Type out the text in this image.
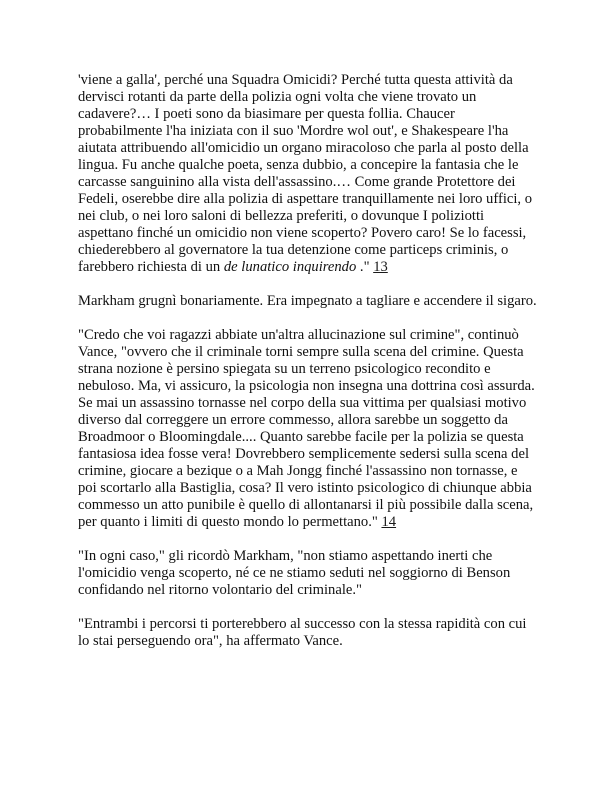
'viene a galla', perché una Squadra Omicidi? Perché tutta questa attività da dervisci rotanti da parte della polizia ogni volta che viene trovato un cadavere?… I poeti sono da biasimare per questa follia. Chaucer probabilmente l'ha iniziata con il suo 'Mordre wol out', e Shakespeare l'ha aiutata attribuendo all'omicidio un organo miracoloso che parla al posto della lingua. Fu anche qualche poeta, senza dubbio, a concepire la fantasia che le carcasse sanguinino alla vista dell'assassino.… Come grande Protettore dei Fedeli, oserebbe dire alla polizia di aspettare tranquillamente nei loro uffici, o nei club, o nei loro saloni di bellezza preferiti, o dovunque I poliziotti aspettano finché un omicidio non viene scoperto? Povero caro! Se lo facessi, chiederebbero al governatore la tua detenzione come particeps criminis, o farebbero richiesta di un de lunatico inquirendo ." 13

Markham grugnì bonariamente. Era impegnato a tagliare e accendere il sigaro.

"Credo che voi ragazzi abbiate un'altra allucinazione sul crimine", continuò Vance, "ovvero che il criminale torni sempre sulla scena del crimine. Questa strana nozione è persino spiegata su un terreno psicologico recondito e nebuloso. Ma, vi assicuro, la psicologia non insegna una dottrina così assurda. Se mai un assassino tornasse nel corpo della sua vittima per qualsiasi motivo diverso dal correggere un errore commesso, allora sarebbe un soggetto da Broadmoor o Bloomingdale.... Quanto sarebbe facile per la polizia se questa fantasiosa idea fosse vera! Dovrebbero semplicemente sedersi sulla scena del crimine, giocare a bezique o a Mah Jongg finché l'assassino non tornasse, e poi scortarlo alla Bastiglia, cosa? Il vero istinto psicologico di chiunque abbia commesso un atto punibile è quello di allontanarsi il più possibile dalla scena, per quanto i limiti di questo mondo lo permettano." 14

"In ogni caso," gli ricordò Markham, "non stiamo aspettando inerti che l'omicidio venga scoperto, né ce ne stiamo seduti nel soggiorno di Benson confidando nel ritorno volontario del criminale."

"Entrambi i percorsi ti porterebbero al successo con la stessa rapidità con cui lo stai perseguendo ora", ha affermato Vance.
